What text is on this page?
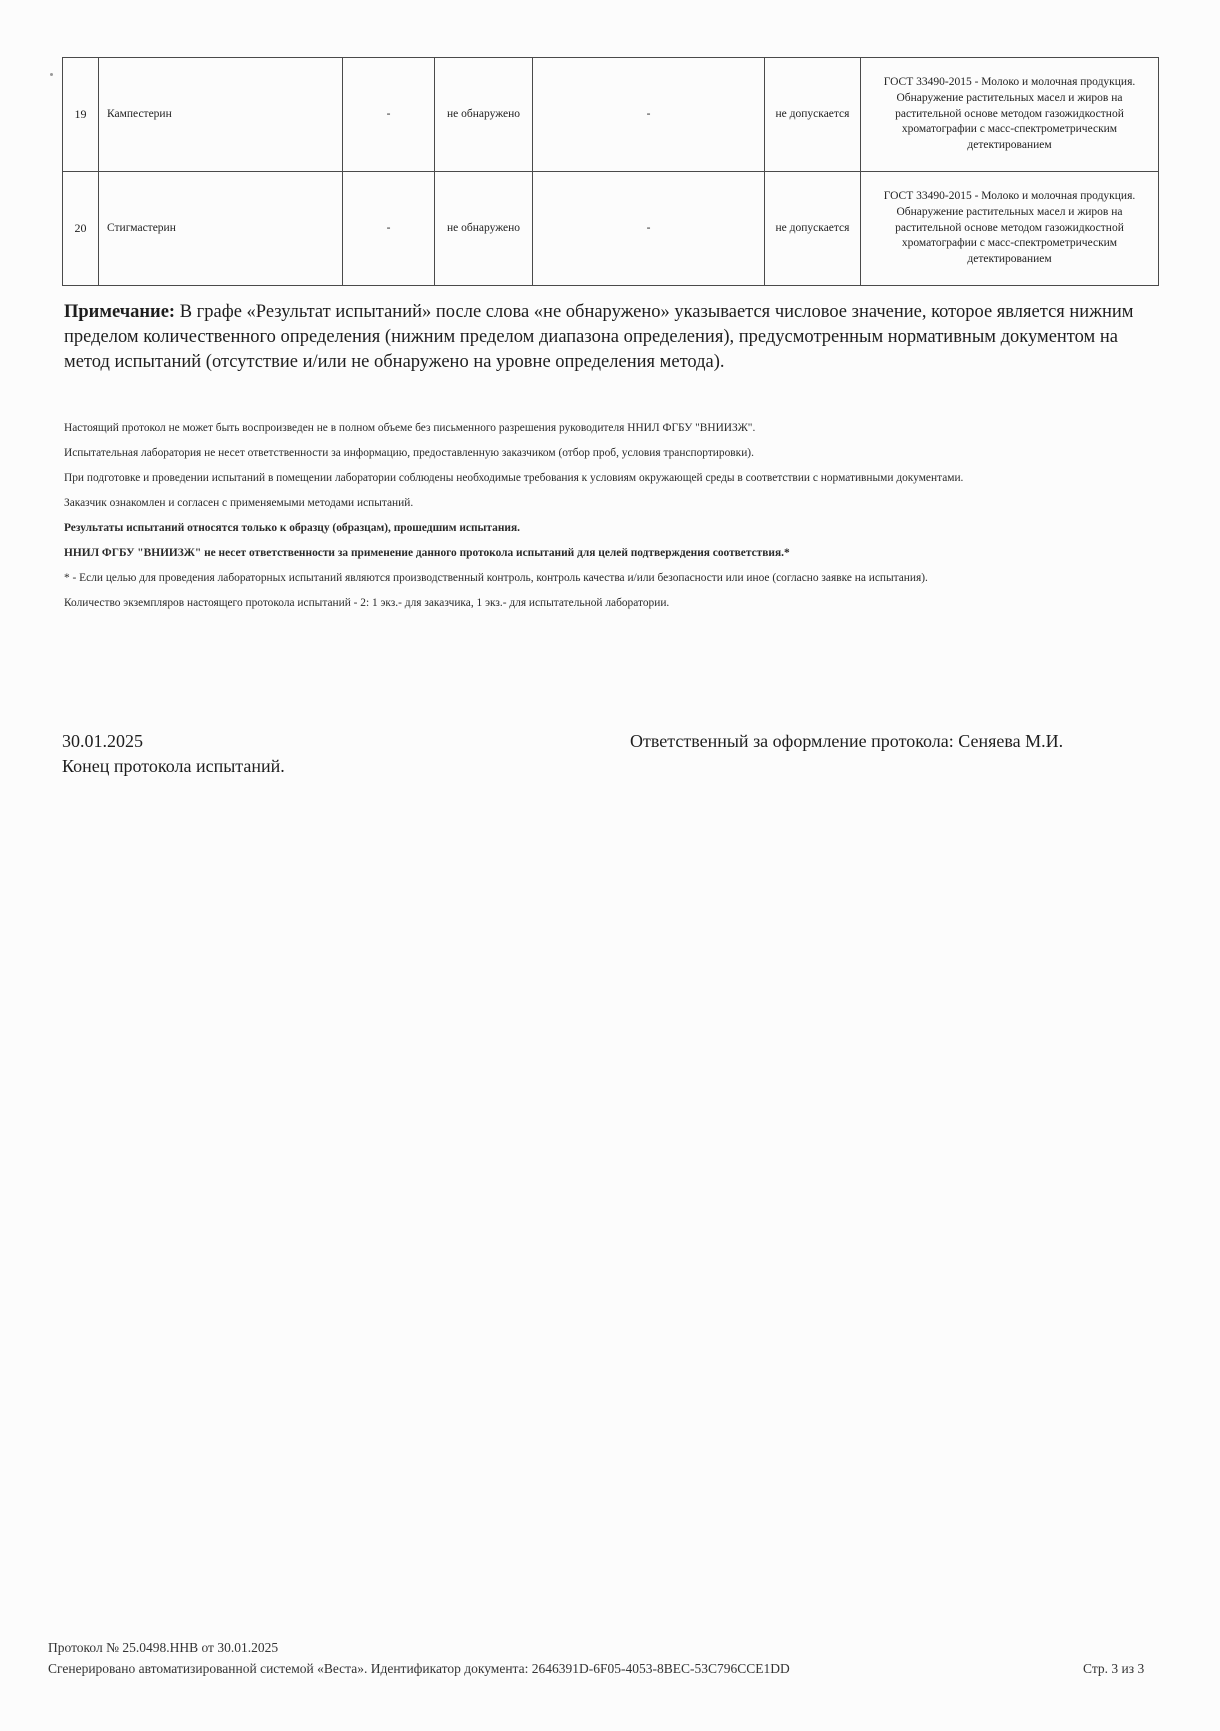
19	Кампестерин	-	не обнаружено	-	не допускается	ГОСТ 33490-2015 - Молоко и молочная продукция. Обнаружение растительных масел и жиров на растительной основе методом газожидкостной хроматографии с масс-спектрометрическим детектированием
20	Стигмастерин	-	не обнаружено	-	не допускается	ГОСТ 33490-2015 - Молоко и молочная продукция. Обнаружение растительных масел и жиров на растительной основе методом газожидкостной хроматографии с масс-спектрометрическим детектированием
Примечание: В графе «Результат испытаний» после слова «не обнаружено» указывается числовое значение, которое является нижним пределом количественного определения (нижним пределом диапазона определения), предусмотренным нормативным документом на метод испытаний (отсутствие и/или не обнаружено на уровне определения метода).

Настоящий протокол не может быть воспроизведен не в полном объеме без письменного разрешения руководителя ННИЛ ФГБУ "ВНИИЗЖ".

Испытательная лаборатория не несет ответственности за информацию, предоставленную заказчиком (отбор проб, условия транспортировки).

При подготовке и проведении испытаний в помещении лаборатории соблюдены необходимые требования к условиям окружающей среды в соответствии с нормативными документами.

Заказчик ознакомлен и согласен с применяемыми методами испытаний.

Результаты испытаний относятся только к образцу (образцам), прошедшим испытания.

ННИЛ ФГБУ "ВНИИЗЖ" не несет ответственности за применение данного протокола испытаний для целей подтверждения соответствия.*

* - Если целью для проведения лабораторных испытаний являются производственный контроль, контроль качества и/или безопасности или иное (согласно заявке на испытания).

Количество экземпляров настоящего протокола испытаний - 2: 1 экз.- для заказчика, 1 экз.- для испытательной лаборатории.

30.01.2025
Конец протокола испытаний.
Ответственный за оформление протокола: Сеняева М.И.
Протокол № 25.0498.ННВ от 30.01.2025
Сгенерировано автоматизированной системой «Веста». Идентификатор документа: 2646391D-6F05-4053-8BEC-53C796CCE1DD	Стр. 3 из 3
